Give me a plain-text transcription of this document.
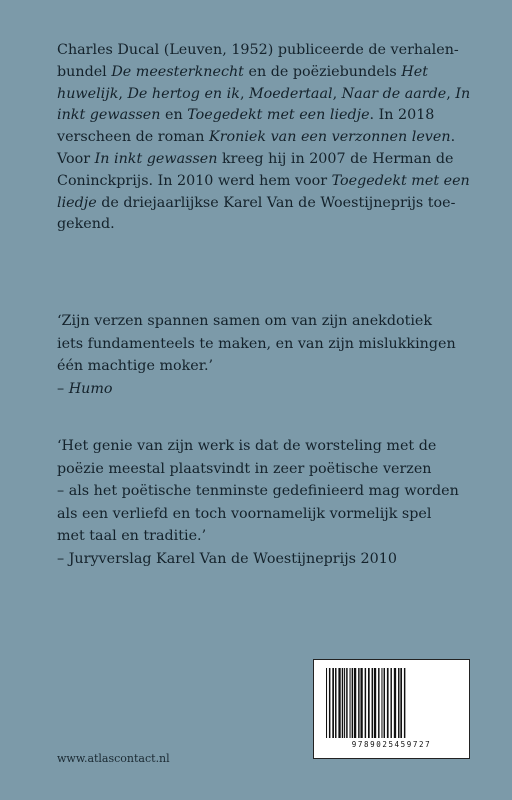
Charles Ducal (Leuven, 1952) publiceerde de verhalen-bundel De meesterknecht en de poëziebundels Het huwelijk, De hertog en ik, Moedertaal, Naar de aarde, In inkt gewassen en Toegedekt met een liedje. In 2018 verscheen de roman Kroniek van een verzonnen leven.

Voor In inkt gewassen kreeg hij in 2007 de Herman de Coninckprijs. In 2010 werd hem voor Toegedekt met een liedje de driejaarlijkse Karel Van de Woestijneprijs toe-gekend.

‘Zijn verzen spannen samen om van zijn anekdotiek

iets fundamenteels te maken, en van zijn mislukkingen

één machtige moker.’

– Humo

‘Het genie van zijn werk is dat de worsteling met de

poëzie meestal plaatsvindt in zeer poëtische verzen

– als het poëtische tenminste gedefinieerd mag worden

als een verliefd en toch voornamelijk vormelijk spel

met taal en traditie.’

– Juryverslag Karel Van de Woestijneprijs 2010

www.atlascontact.nl
9789025459727
